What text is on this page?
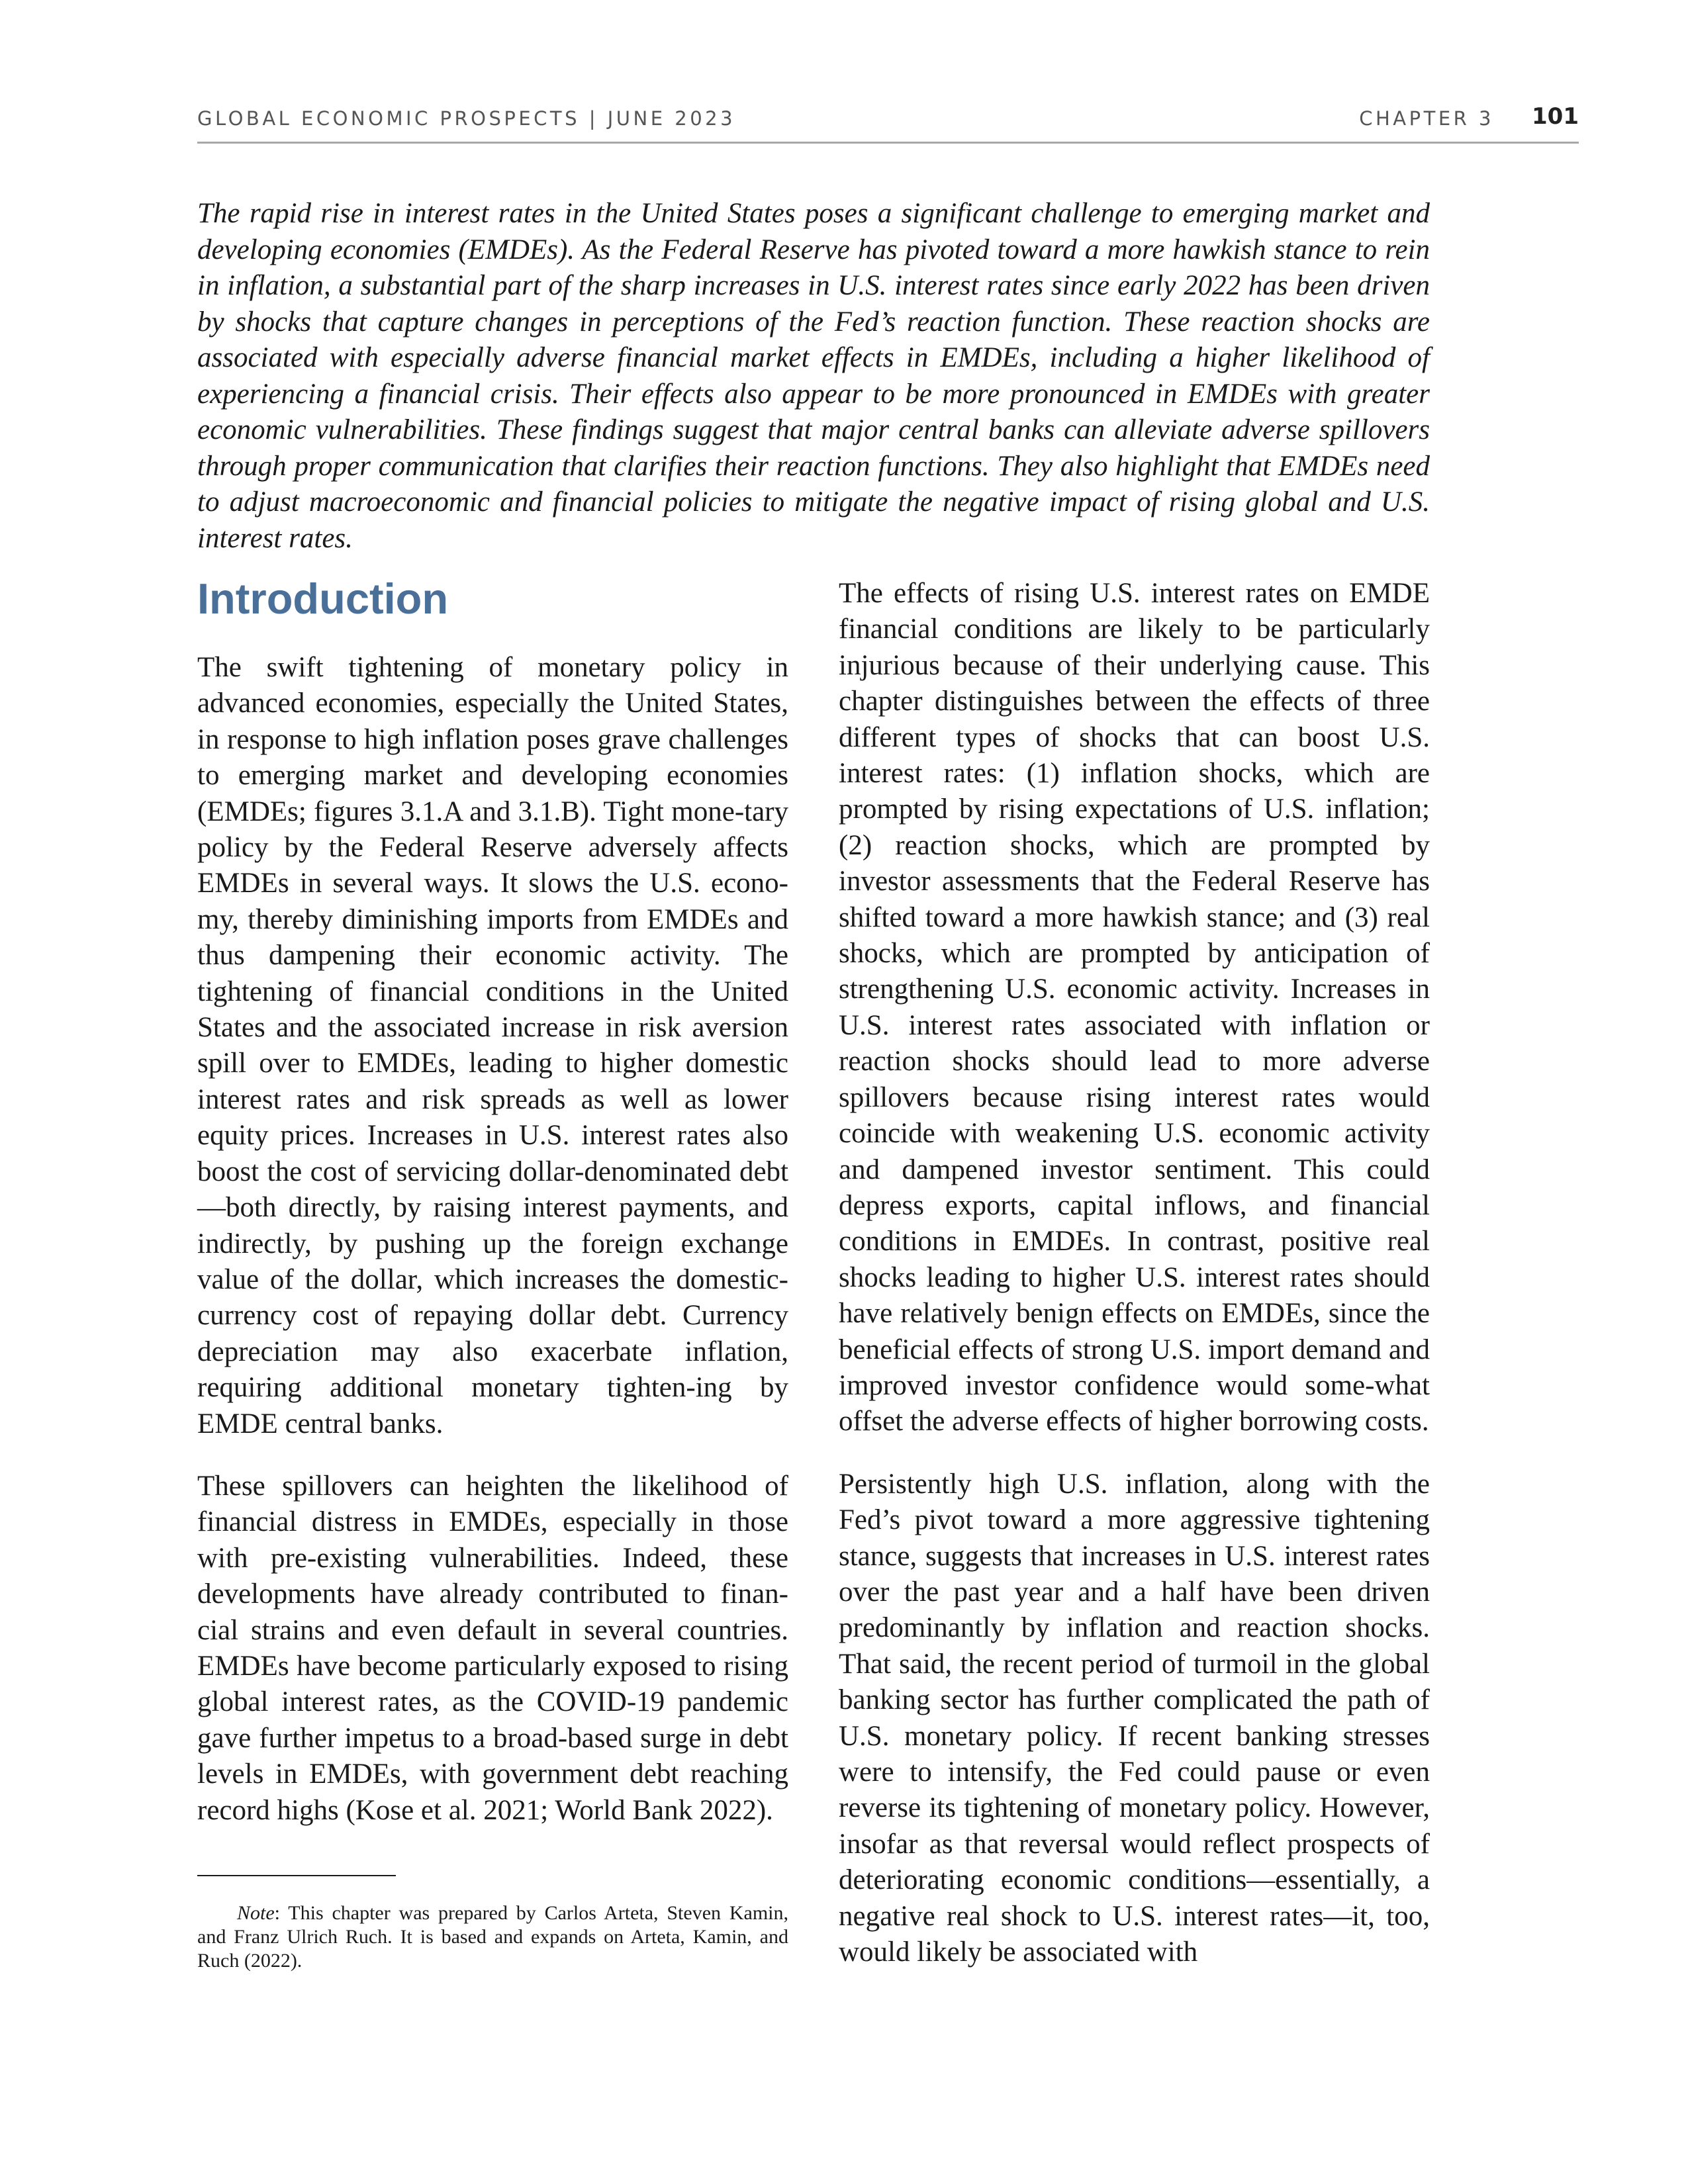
GLOBAL ECONOMIC PROSPECTS | JUNE 2023	CHAPTER 3 101
The rapid rise in interest rates in the United States poses a significant challenge to emerging market and developing economies (EMDEs). As the Federal Reserve has pivoted toward a more hawkish stance to rein in inflation, a substantial part of the sharp increases in U.S. interest rates since early 2022 has been driven by shocks that capture changes in perceptions of the Fed’s reaction function. These reaction shocks are associated with especially adverse financial market effects in EMDEs, including a higher likelihood of experiencing a financial crisis. Their effects also appear to be more pronounced in EMDEs with greater economic vulnerabilities. These findings suggest that major central banks can alleviate adverse spillovers through proper communication that clarifies their reaction functions. They also highlight that EMDEs need to adjust macroeconomic and financial policies to mitigate the negative impact of rising global and U.S. interest rates.
Introduction

The swift tightening of monetary policy in advanced economies, especially the United States, in response to high inflation poses grave challenges to emerging market and developing economies (EMDEs; figures 3.1.A and 3.1.B). Tight mone-tary policy by the Federal Reserve adversely affects EMDEs in several ways. It slows the U.S. econo-my, thereby diminishing imports from EMDEs and thus dampening their economic activity. The tightening of financial conditions in the United States and the associated increase in risk aversion spill over to EMDEs, leading to higher domestic interest rates and risk spreads as well as lower equity prices. Increases in U.S. interest rates also boost the cost of servicing dollar-denominated debt—both directly, by raising interest payments, and indirectly, by pushing up the foreign exchange value of the dollar, which increases the domestic-currency cost of repaying dollar debt. Currency depreciation may also exacerbate inflation, requiring additional monetary tighten-ing by EMDE central banks.

These spillovers can heighten the likelihood of financial distress in EMDEs, especially in those with pre-existing vulnerabilities. Indeed, these developments have already contributed to finan-cial strains and even default in several countries. EMDEs have become particularly exposed to rising global interest rates, as the COVID-19 pandemic gave further impetus to a broad-based surge in debt levels in EMDEs, with government debt reaching record highs (Kose et al. 2021; World Bank 2022).

Note: This chapter was prepared by Carlos Arteta, Steven Kamin, and Franz Ulrich Ruch. It is based and expands on Arteta, Kamin, and Ruch (2022).

The effects of rising U.S. interest rates on EMDE financial conditions are likely to be particularly injurious because of their underlying cause. This chapter distinguishes between the effects of three different types of shocks that can boost U.S. interest rates: (1) inflation shocks, which are prompted by rising expectations of U.S. inflation; (2) reaction shocks, which are prompted by investor assessments that the Federal Reserve has shifted toward a more hawkish stance; and (3) real shocks, which are prompted by anticipation of strengthening U.S. economic activity. Increases in U.S. interest rates associated with inflation or reaction shocks should lead to more adverse spillovers because rising interest rates would coincide with weakening U.S. economic activity and dampened investor sentiment. This could depress exports, capital inflows, and financial conditions in EMDEs. In contrast, positive real shocks leading to higher U.S. interest rates should have relatively benign effects on EMDEs, since the beneficial effects of strong U.S. import demand and improved investor confidence would some-what offset the adverse effects of higher borrowing costs.

Persistently high U.S. inflation, along with the Fed’s pivot toward a more aggressive tightening stance, suggests that increases in U.S. interest rates over the past year and a half have been driven predominantly by inflation and reaction shocks. That said, the recent period of turmoil in the global banking sector has further complicated the path of U.S. monetary policy. If recent banking stresses were to intensify, the Fed could pause or even reverse its tightening of monetary policy. However, insofar as that reversal would reflect prospects of deteriorating economic conditions—essentially, a negative real shock to U.S. interest rates—it, too, would likely be associated with
